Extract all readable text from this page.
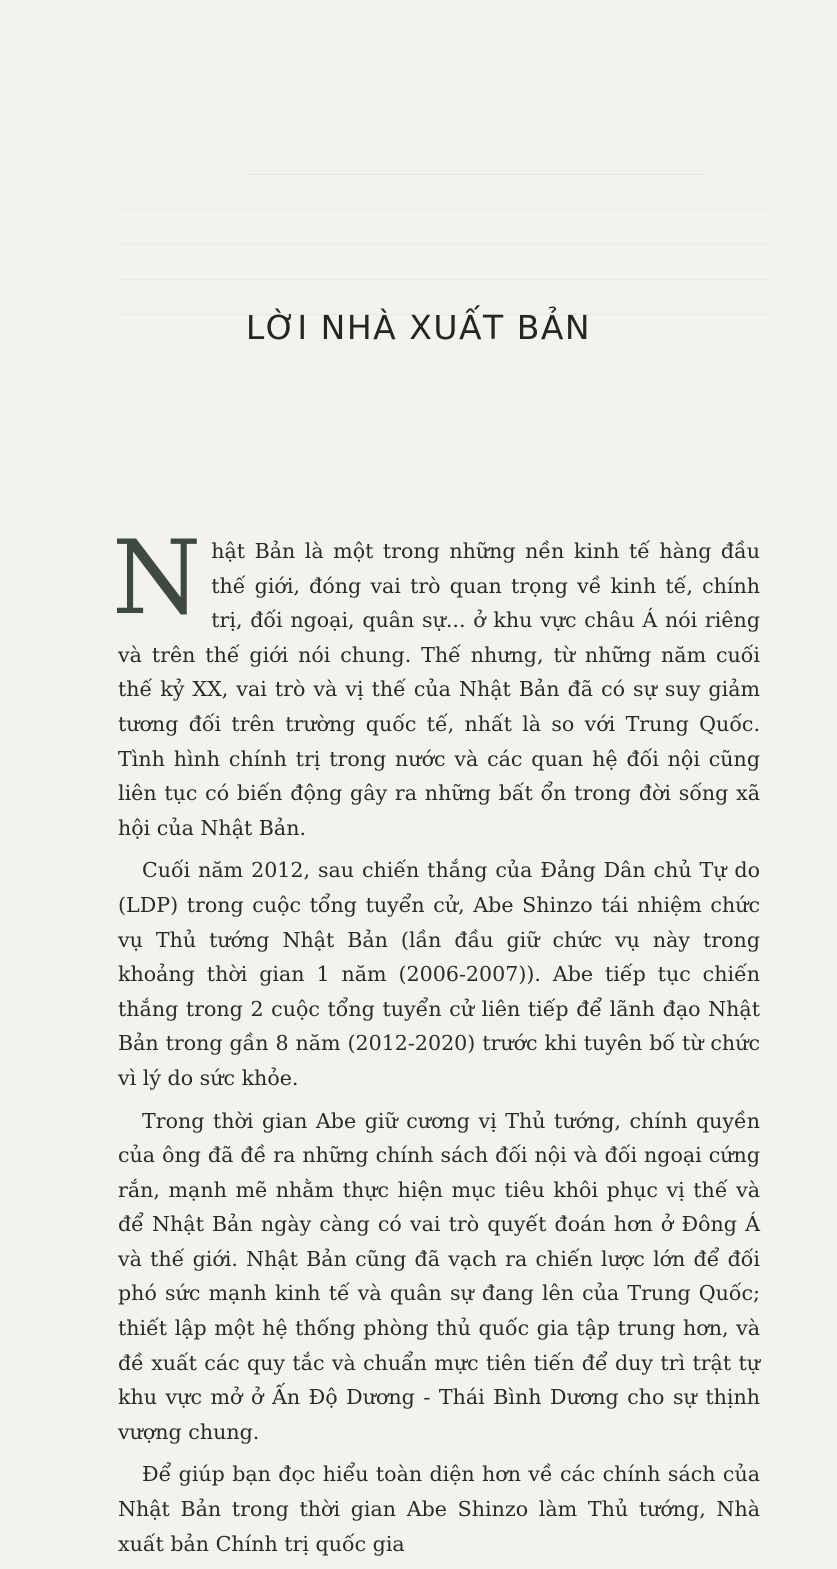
LỜI NHÀ XUẤT BẢN

Nhật Bản là một trong những nền kinh tế hàng đầu thế giới, đóng vai trò quan trọng về kinh tế, chính trị, đối ngoại, quân sự... ở khu vực châu Á nói riêng và trên thế giới nói chung. Thế nhưng, từ những năm cuối thế kỷ XX, vai trò và vị thế của Nhật Bản đã có sự suy giảm tương đối trên trường quốc tế, nhất là so với Trung Quốc. Tình hình chính trị trong nước và các quan hệ đối nội cũng liên tục có biến động gây ra những bất ổn trong đời sống xã hội của Nhật Bản.

Cuối năm 2012, sau chiến thắng của Đảng Dân chủ Tự do (LDP) trong cuộc tổng tuyển cử, Abe Shinzo tái nhiệm chức vụ Thủ tướng Nhật Bản (lần đầu giữ chức vụ này trong khoảng thời gian 1 năm (2006-2007)). Abe tiếp tục chiến thắng trong 2 cuộc tổng tuyển cử liên tiếp để lãnh đạo Nhật Bản trong gần 8 năm (2012-2020) trước khi tuyên bố từ chức vì lý do sức khỏe.

Trong thời gian Abe giữ cương vị Thủ tướng, chính quyền của ông đã đề ra những chính sách đối nội và đối ngoại cứng rắn, mạnh mẽ nhằm thực hiện mục tiêu khôi phục vị thế và để Nhật Bản ngày càng có vai trò quyết đoán hơn ở Đông Á và thế giới. Nhật Bản cũng đã vạch ra chiến lược lớn để đối phó sức mạnh kinh tế và quân sự đang lên của Trung Quốc; thiết lập một hệ thống phòng thủ quốc gia tập trung hơn, và đề xuất các quy tắc và chuẩn mực tiên tiến để duy trì trật tự khu vực mở ở Ấn Độ Dương - Thái Bình Dương cho sự thịnh vượng chung.

Để giúp bạn đọc hiểu toàn diện hơn về các chính sách của Nhật Bản trong thời gian Abe Shinzo làm Thủ tướng, Nhà xuất bản Chính trị quốc gia
